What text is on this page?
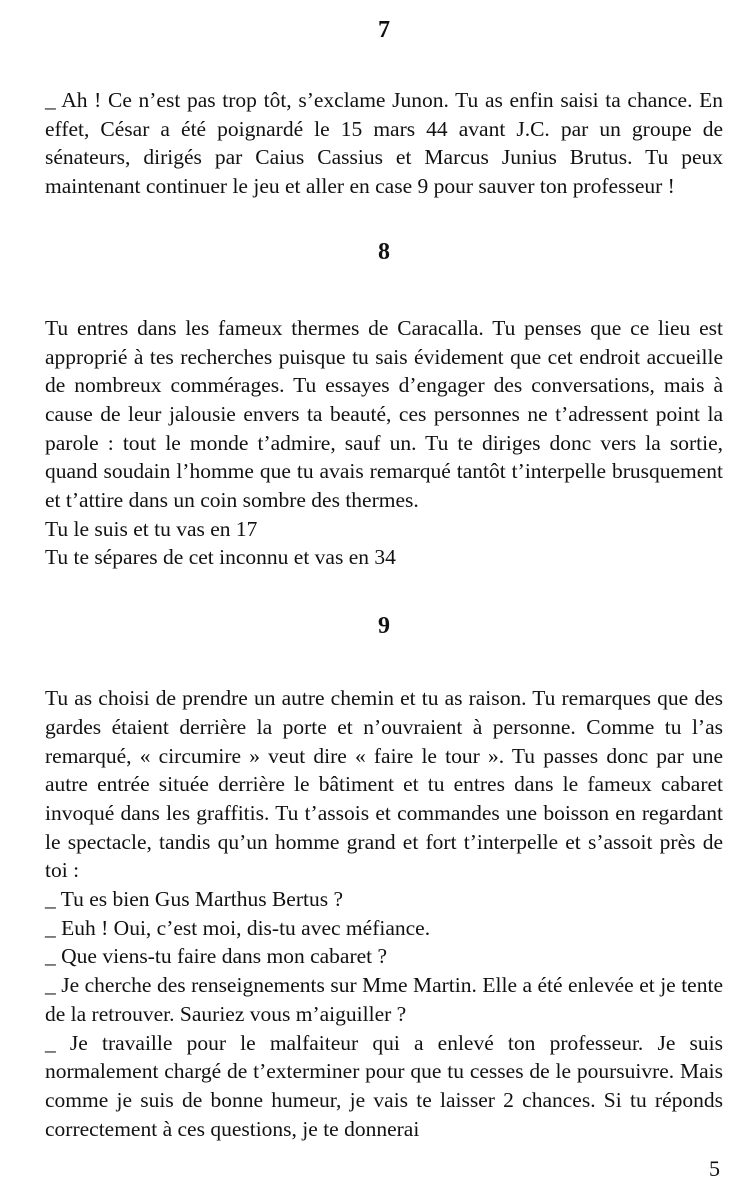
7

_ Ah ! Ce n’est pas trop tôt, s’exclame Junon. Tu as enfin saisi ta chance. En effet, César a été poignardé le 15 mars 44 avant J.C. par un groupe de sénateurs, dirigés par Caius Cassius et Marcus Junius Brutus. Tu peux maintenant continuer le jeu et aller en case 9 pour sauver ton professeur !

8

Tu entres dans les fameux thermes de Caracalla. Tu penses que ce lieu est approprié à tes recherches puisque tu sais évidement que cet endroit accueille de nombreux commérages. Tu essayes d’engager des conversations, mais à cause de leur jalousie envers ta beauté, ces personnes ne t’adressent point la parole : tout le monde t’admire, sauf un. Tu te diriges donc vers la sortie, quand soudain l’homme que tu avais remarqué tantôt t’interpelle brusquement et t’attire dans un coin sombre des thermes.

Tu le suis et tu vas en 17

Tu te sépares de cet inconnu et vas en 34

9

Tu as choisi de prendre un autre chemin et tu as raison. Tu remarques que des gardes étaient derrière la porte et n’ouvraient à personne. Comme tu l’as remarqué, « circumire » veut dire « faire le tour ». Tu passes donc par une autre entrée située derrière le bâtiment et tu entres dans le fameux cabaret invoqué dans les graffitis. Tu t’assois et commandes une boisson en regardant le spectacle, tandis qu’un homme grand et fort t’interpelle et s’assoit près de toi :

_ Tu es bien Gus Marthus Bertus ?

_ Euh ! Oui, c’est moi, dis-tu avec méfiance.

_ Que viens-tu faire dans mon cabaret ?

_ Je cherche des renseignements sur Mme Martin. Elle a été enlevée et je tente de la retrouver. Sauriez vous m’aiguiller ?

_ Je travaille pour le malfaiteur qui a enlevé ton professeur. Je suis normalement chargé de t’exterminer pour que tu cesses de le poursuivre. Mais comme je suis de bonne humeur, je vais te laisser 2 chances. Si tu réponds correctement à ces questions, je te donnerai

5
